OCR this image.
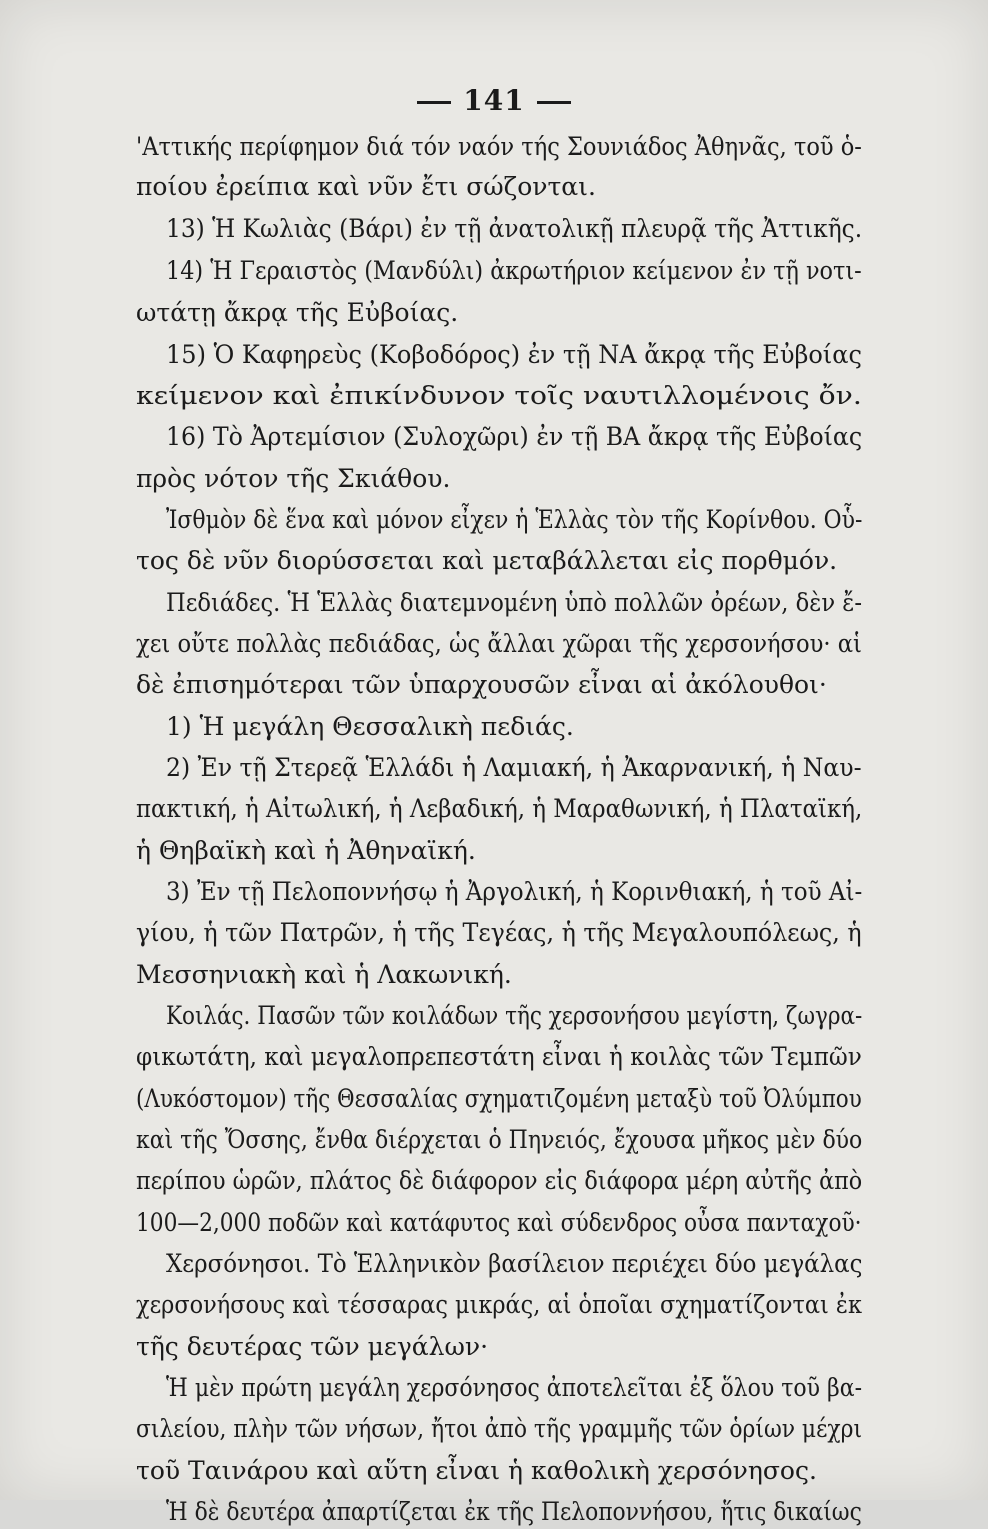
141
'Αττικής περίφημον διά τόν ναόν τής Σουνιάδος Ἀθηνᾶς, τοῦ ὁ-
ποίου ἐρείπια καὶ νῦν ἔτι σώζονται.
13) Ἡ Κωλιὰς (Βάρι) ἐν τῇ ἀνατολικῇ πλευρᾷ τῆς Ἀττικῆς.
14) Ἡ Γεραιστὸς (Μανδύλι) ἀκρωτήριον κείμενον ἐν τῇ νοτι-
ωτάτῃ ἄκρᾳ τῆς Εὐβοίας.
15) Ὁ Καφηρεὺς (Κοβοδόρος) ἐν τῇ ΝΑ ἄκρᾳ τῆς Εὐβοίας
κείμενον καὶ ἐπικίνδυνον τοῖς ναυτιλλομένοις ὄν.
16) Τὸ Ἀρτεμίσιον (Συλοχῶρι) ἐν τῇ ΒΑ ἄκρᾳ τῆς Εὐβοίας
πρὸς νότον τῆς Σκιάθου.
Ἰσθμὸν δὲ ἕνα καὶ μόνον εἶχεν ἡ Ἑλλὰς τὸν τῆς Κορίνθου. Οὗ-
τος δὲ νῦν διορύσσεται καὶ μεταβάλλεται εἰς πορθμόν.
Πεδιάδες. Ἡ Ἑλλὰς διατεμνομένη ὑπὸ πολλῶν ὀρέων, δὲν ἔ-
χει οὔτε πολλὰς πεδιάδας, ὡς ἄλλαι χῶραι τῆς χερσονήσου· αἱ
δὲ ἐπισημότεραι τῶν ὑπαρχουσῶν εἶναι αἱ ἀκόλουθοι·
1) Ἡ μεγάλη Θεσσαλικὴ πεδιάς.
2) Ἐν τῇ Στερεᾷ Ἑλλάδι ἡ Λαμιακή, ἡ Ἀκαρνανική, ἡ Ναυ-
πακτική, ἡ Αἰτωλική, ἡ Λεβαδική, ἡ Μαραθωνική, ἡ Πλαταϊκή,
ἡ Θηβαϊκὴ καὶ ἡ Ἀθηναϊκή.
3) Ἐν τῇ Πελοποννήσῳ ἡ Ἀργολική, ἡ Κορινθιακή, ἡ τοῦ Αἰ-
γίου, ἡ τῶν Πατρῶν, ἡ τῆς Τεγέας, ἡ τῆς Μεγαλουπόλεως, ἡ
Μεσσηνιακὴ καὶ ἡ Λακωνική.
Κοιλάς. Πασῶν τῶν κοιλάδων τῆς χερσονήσου μεγίστη, ζωγρα-
φικωτάτη, καὶ μεγαλοπρεπεστάτη εἶναι ἡ κοιλὰς τῶν Τεμπῶν
(Λυκόστομον) τῆς Θεσσαλίας σχηματιζομένη μεταξὺ τοῦ Ὀλύμπου
καὶ τῆς Ὄσσης, ἔνθα διέρχεται ὁ Πηνειός, ἔχουσα μῆκος μὲν δύο
περίπου ὡρῶν, πλάτος δὲ διάφορον εἰς διάφορα μέρη αὐτῆς ἀπὸ
100—2,000 ποδῶν καὶ κατάφυτος καὶ σύδενδρος οὖσα πανταχοῦ·
Χερσόνησοι. Τὸ Ἑλληνικὸν βασίλειον περιέχει δύο μεγάλας
χερσονήσους καὶ τέσσαρας μικράς, αἱ ὁποῖαι σχηματίζονται ἐκ
τῆς δευτέρας τῶν μεγάλων·
Ἡ μὲν πρώτη μεγάλη χερσόνησος ἀποτελεῖται ἐξ ὅλου τοῦ βα-
σιλείου, πλὴν τῶν νήσων, ἤτοι ἀπὸ τῆς γραμμῆς τῶν ὁρίων μέχρι
τοῦ Ταινάρου καὶ αὕτη εἶναι ἡ καθολικὴ χερσόνησος.
Ἡ δὲ δευτέρα ἀπαρτίζεται ἐκ τῆς Πελοποννήσου, ἥτις δικαίως
